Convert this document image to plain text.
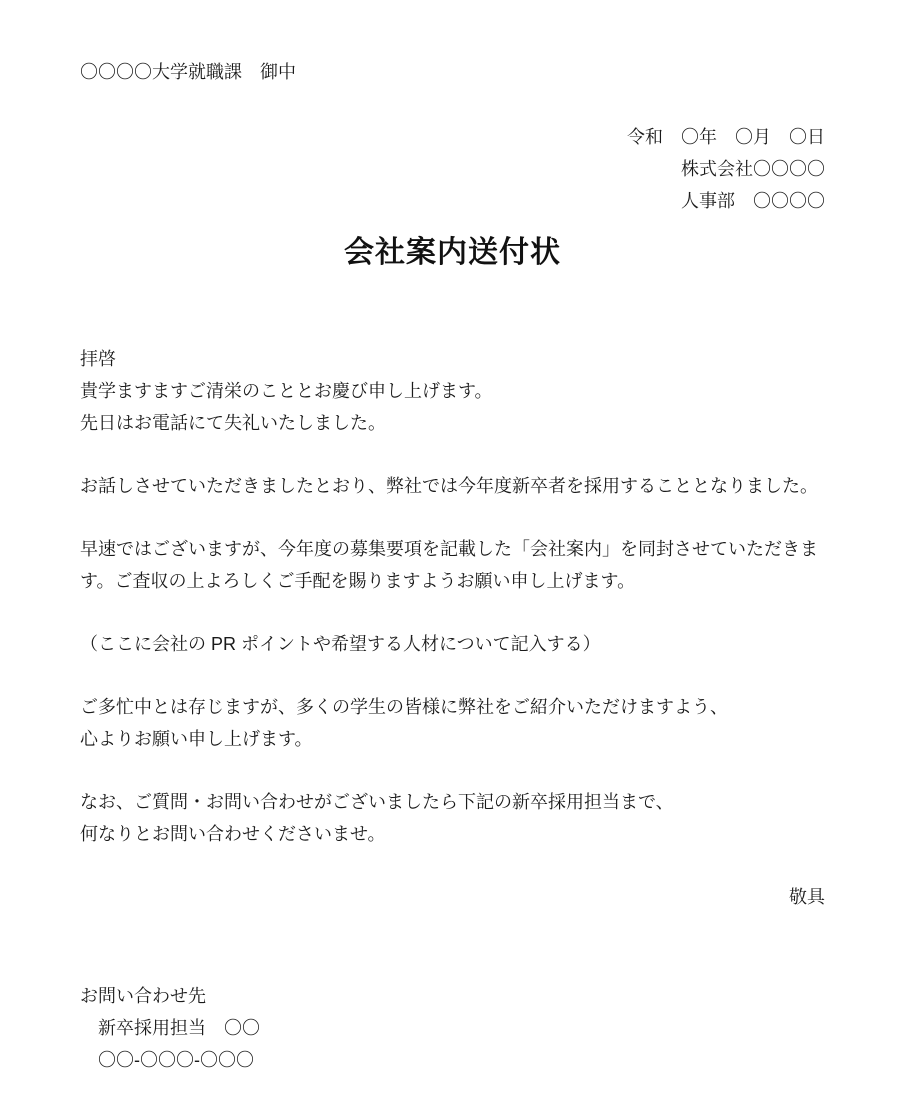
〇〇〇〇大学就職課　御中
令和　〇年　〇月　〇日
株式会社〇〇〇〇
人事部　〇〇〇〇
会社案内送付状
拝啓
貴学ますますご清栄のこととお慶び申し上げます。
先日はお電話にて失礼いたしました。
お話しさせていただきましたとおり、弊社では今年度新卒者を採用することとなりました。
早速ではございますが、今年度の募集要項を記載した「会社案内」を同封させていただきま
す。ご査収の上よろしくご手配を賜りますようお願い申し上げます。
（ここに会社の PR ポイントや希望する人材について記入する）
ご多忙中とは存じますが、多くの学生の皆様に弊社をご紹介いただけますよう、
心よりお願い申し上げます。
なお、ご質問・お問い合わせがございましたら下記の新卒採用担当まで、
何なりとお問い合わせくださいませ。
敬具
お問い合わせ先
新卒採用担当　〇〇
〇〇-〇〇〇-〇〇〇
